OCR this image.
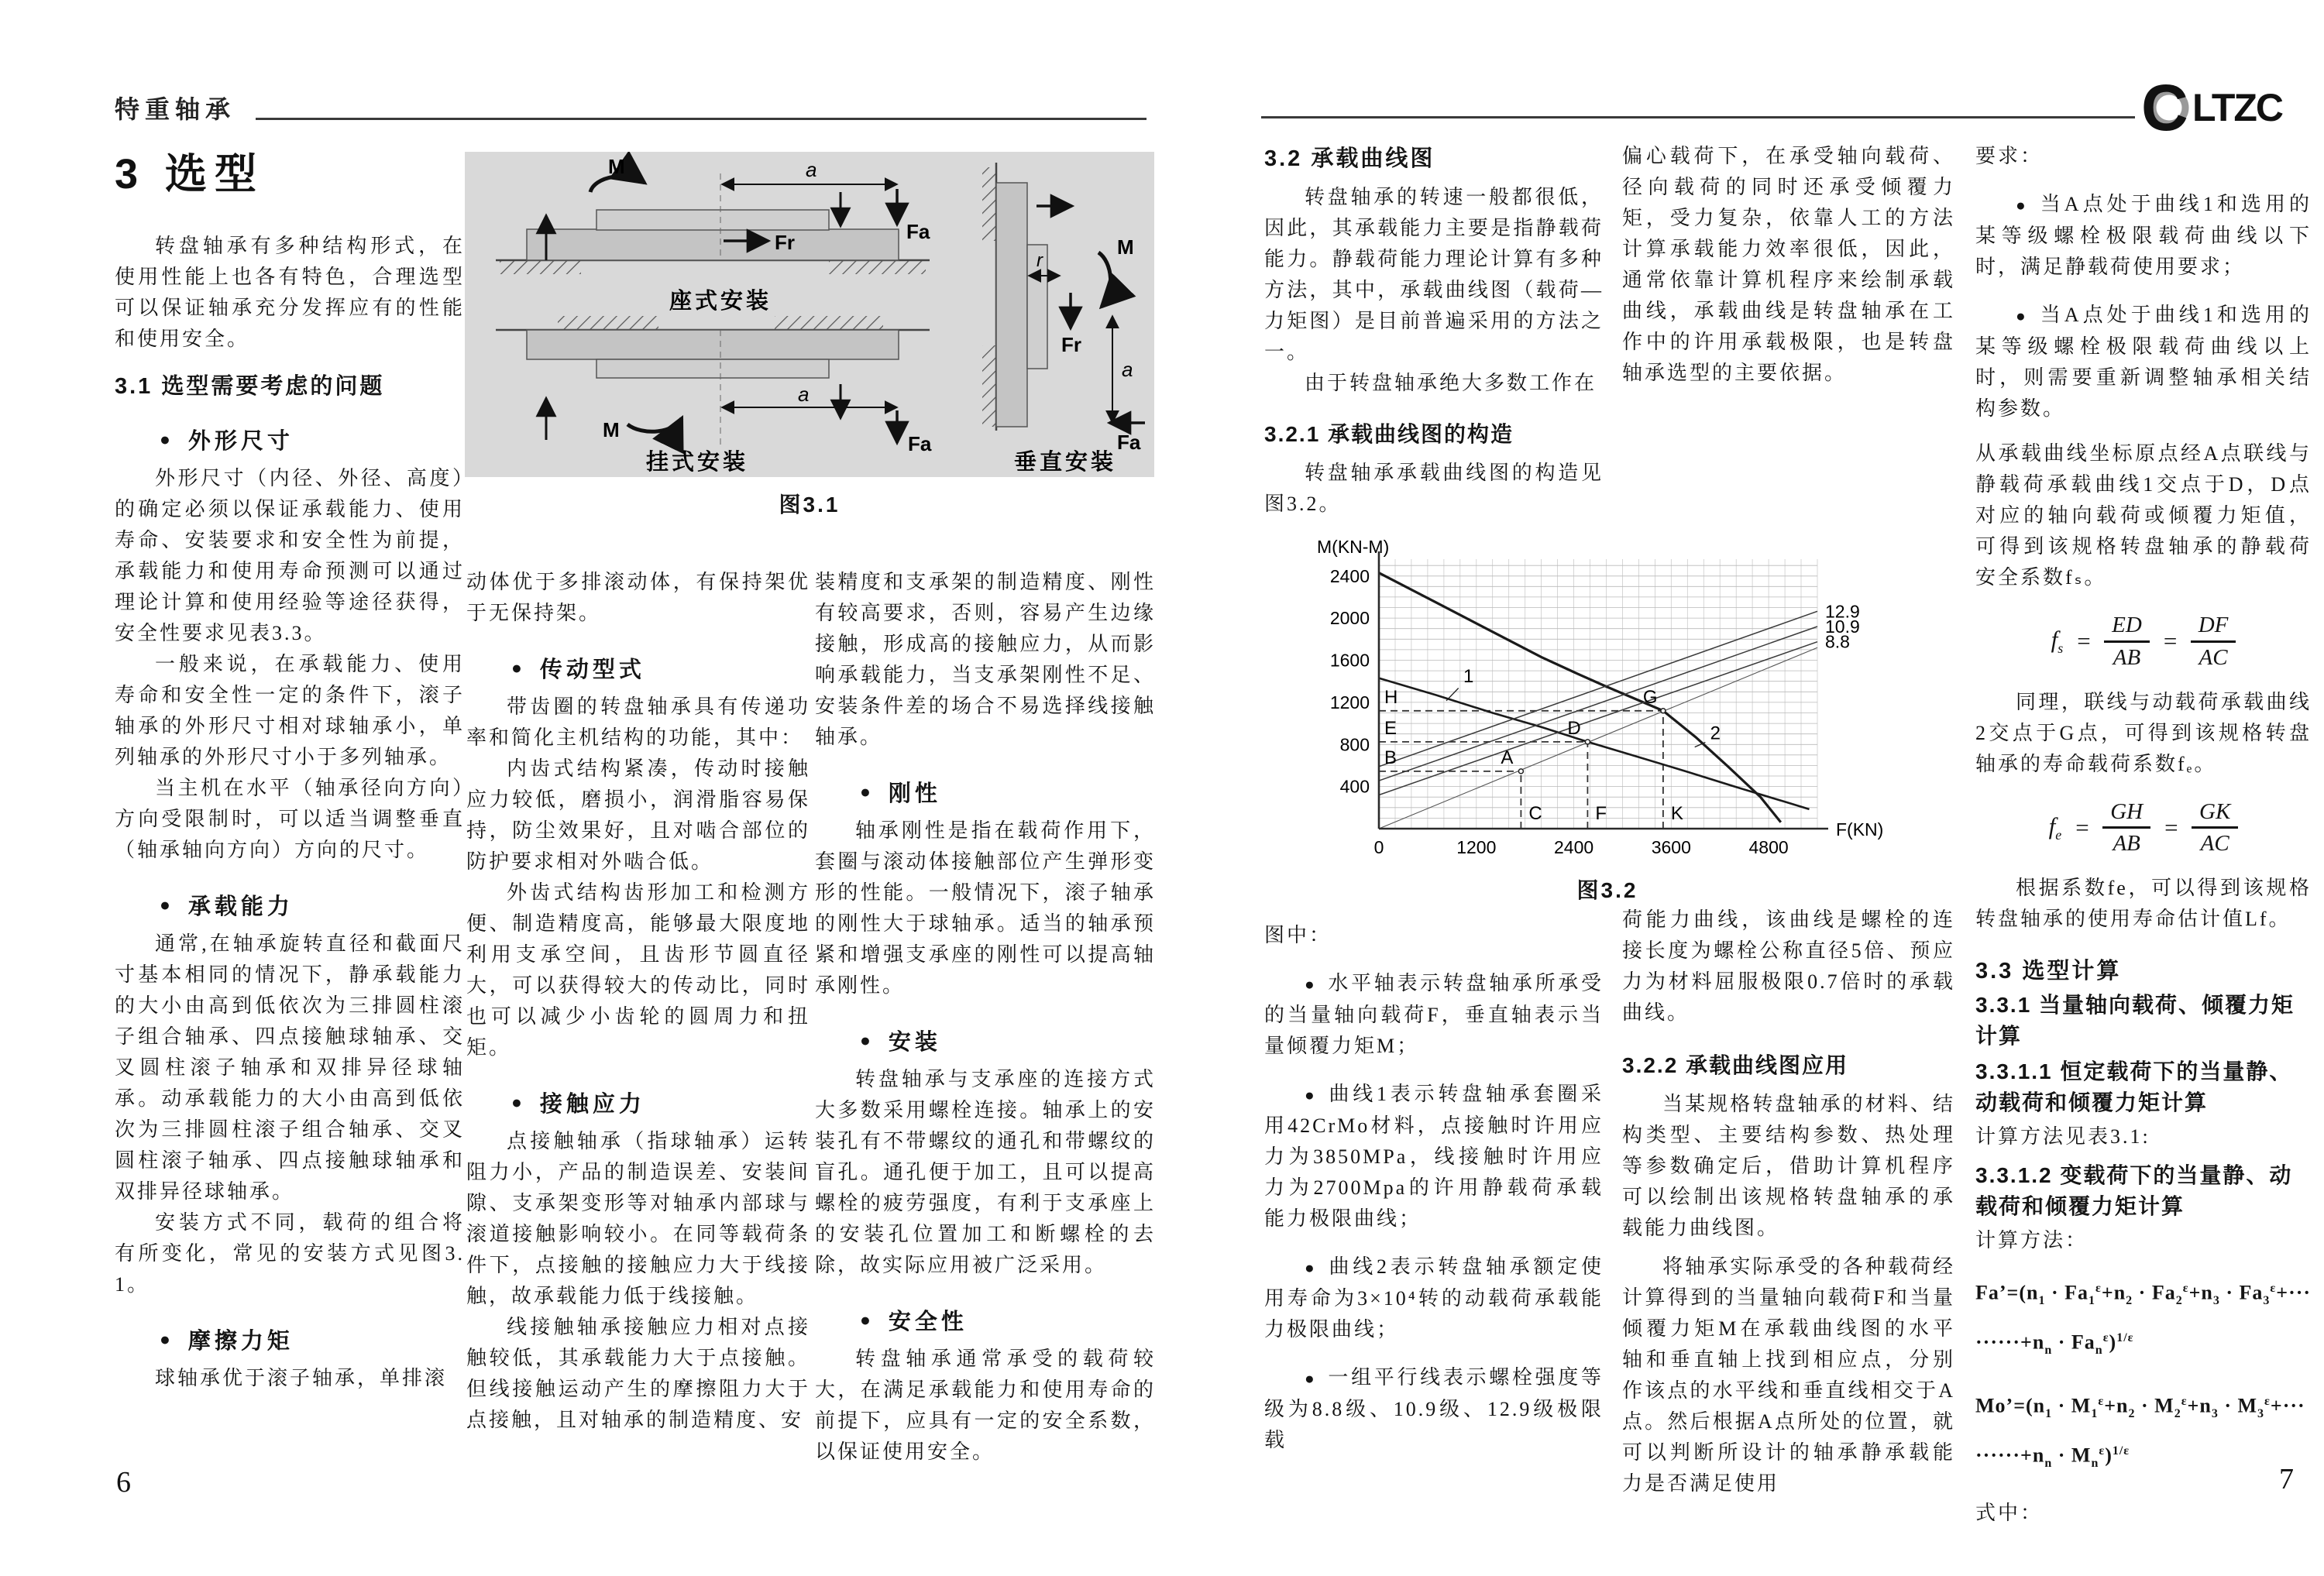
特重轴承
3 选型

转盘轴承有多种结构形式，在使用性能上也各有特色，合理选型可以保证轴承充分发挥应有的性能和使用安全。

3.1 选型需要考虑的问题
● 外形尺寸

外形尺寸（内径、外径、高度）的确定必须以保证承载能力、使用寿命、安装要求和安全性为前提，承载能力和使用寿命预测可以通过理论计算和使用经验等途径获得，安全性要求见表3.3。

一般来说，在承载能力、使用寿命和安全性一定的条件下，滚子轴承的外形尺寸相对球轴承小，单列轴承的外形尺寸小于多列轴承。

当主机在水平（轴承径向方向）方向受限制时，可以适当调整垂直（轴承轴向方向）方向的尺寸。

● 承载能力

通常,在轴承旋转直径和截面尺寸基本相同的情况下，静承载能力的大小由高到低依次为三排圆柱滚子组合轴承、四点接触球轴承、交叉圆柱滚子轴承和双排异径球轴承。动承载能力的大小由高到低依次为三排圆柱滚子组合轴承、交叉圆柱滚子轴承、四点接触球轴承和双排异径球轴承。

安装方式不同，载荷的组合将有所变化，常见的安装方式见图3.1。

● 摩擦力矩

球轴承优于滚子轴承，单排滚

M	a
Fr	Fa
座式安装
M
a
Fa
挂式安装
r
M
Fr
a
Fa
垂直安装
图3.1

动体优于多排滚动体，有保持架优于无保持架。

● 传动型式

带齿圈的转盘轴承具有传递功率和简化主机结构的功能，其中：

内齿式结构紧凑，传动时接触应力较低，磨损小，润滑脂容易保持，防尘效果好，且对啮合部位的防护要求相对外啮合低。

外齿式结构齿形加工和检测方便、制造精度高，能够最大限度地利用支承空间，且齿形节圆直径大，可以获得较大的传动比，同时也可以减少小齿轮的圆周力和扭矩。

● 接触应力

点接触轴承（指球轴承）运转阻力小，产品的制造误差、安装间隙、支承架变形等对轴承内部球与滚道接触影响较小。在同等载荷条件下，点接触的接触应力大于线接触，故承载能力低于线接触。

线接触轴承接触应力相对点接触较低，其承载能力大于点接触。但线接触运动产生的摩擦阻力大于点接触，且对轴承的制造精度、安

装精度和支承架的制造精度、刚性有较高要求，否则，容易产生边缘接触，形成高的接触应力，从而影响承载能力，当支承架刚性不足、安装条件差的场合不易选择线接触轴承。

● 刚性

轴承刚性是指在载荷作用下，套圈与滚动体接触部位产生弹形变形的性能。一般情况下，滚子轴承的刚性大于球轴承。适当的轴承预紧和增强支承座的刚性可以提高轴承刚性。

● 安装

转盘轴承与支承座的连接方式大多数采用螺栓连接。轴承上的安装孔有不带螺纹的通孔和带螺纹的盲孔。通孔便于加工，且可以提高螺栓的疲劳强度，有利于支承座上的安装孔位置加工和断螺栓的去除，故实际应用被广泛采用。

● 安全性

转盘轴承通常承受的载荷较大，在满足承载能力和使用寿命的前提下，应具有一定的安全系数，以保证使用安全。

6
C LTZC
3.2 承载曲线图

转盘轴承的转速一般都很低，因此，其承载能力主要是指静载荷能力。静载荷能力理论计算有多种方法，其中，承载曲线图（载荷—力矩图）是目前普遍采用的方法之一。

由于转盘轴承绝大多数工作在

3.2.1 承载曲线图的构造

转盘轴承承载曲线图的构造见图3.2。

0	1200	2400	3600	4800
400
800
1200
1600
2000
2400
M(KN-M)
F(KN)
12.9
10.9
8.8
1
2
A
B
C
D
E
F
G
H
K
图3.2

图中：

● 水平轴表示转盘轴承所承受的当量轴向载荷F，垂直轴表示当量倾覆力矩M；

● 曲线1表示转盘轴承套圈采用42CrMo材料，点接触时许用应力为3850MPa，线接触时许用应力为2700Mpa的许用静载荷承载能力极限曲线；

● 曲线2表示转盘轴承额定使用寿命为3×10⁴转的动载荷承载能力极限曲线；

● 一组平行线表示螺栓强度等级为8.8级、10.9级、12.9级极限载

偏心载荷下，在承受轴向载荷、径向载荷的同时还承受倾覆力矩，受力复杂，依靠人工的方法计算承载能力效率很低，因此，通常依靠计算机程序来绘制承载曲线，承载曲线是转盘轴承在工作中的许用承载极限，也是转盘轴承选型的主要依据。

荷能力曲线，该曲线是螺栓的连接长度为螺栓公称直径5倍、预应力为材料屈服极限0.7倍时的承载曲线。

3.2.2 承载曲线图应用

当某规格转盘轴承的材料、结构类型、主要结构参数、热处理等参数确定后，借助计算机程序可以绘制出该规格转盘轴承的承载能力曲线图。

将轴承实际承受的各种载荷经计算得到的当量轴向载荷F和当量倾覆力矩M在承载曲线图的水平轴和垂直轴上找到相应点，分别作该点的水平线和垂直线相交于A点。然后根据A点所处的位置，就可以判断所设计的轴承静承载能力是否满足使用

要求：

● 当A点处于曲线1和选用的某等级螺栓极限载荷曲线以下时，满足静载荷使用要求；

● 当A点处于曲线1和选用的某等级螺栓极限载荷曲线以上时，则需要重新调整轴承相关结构参数。

从承载曲线坐标原点经A点联线与静载荷承载曲线1交点于D，D点对应的轴向载荷或倾覆力矩值，可得到该规格转盘轴承的静载荷安全系数fₛ。

$f_s = \frac{ED}{AB} = \frac{DF}{AC}$

同理，联线与动载荷承载曲线2交点于G点，可得到该规格转盘轴承的寿命载荷系数fₑ。

$f_e = \frac{GH}{AB} = \frac{GK}{AC}$

根据系数fe，可以得到该规格转盘轴承的使用寿命估计值Lf。

3.3 选型计算
3.3.1 当量轴向载荷、倾覆力矩计算
3.3.1.1 恒定载荷下的当量静、动载荷和倾覆力矩计算

计算方法见表3.1:

3.3.1.2 变载荷下的当量静、动载荷和倾覆力矩计算

计算方法：

$Fa’=(n_1 \cdot Fa_1^\varepsilon+n_2 \cdot Fa_2^\varepsilon+n_3 \cdot Fa_3^\varepsilon+\cdot\cdot\cdot\cdot\cdot\cdot\cdot\cdot\cdot+n_n \cdot Fa_n^\varepsilon)^{1/\varepsilon}$

$Mo’=(n_1 \cdot M_1^\varepsilon+n_2 \cdot M_2^\varepsilon+n_3 \cdot M_3^\varepsilon+\cdot\cdot\cdot\cdot\cdot\cdot\cdot\cdot\cdot+n_n \cdot M_n^\varepsilon)^{1/\varepsilon}$

式中：

7
